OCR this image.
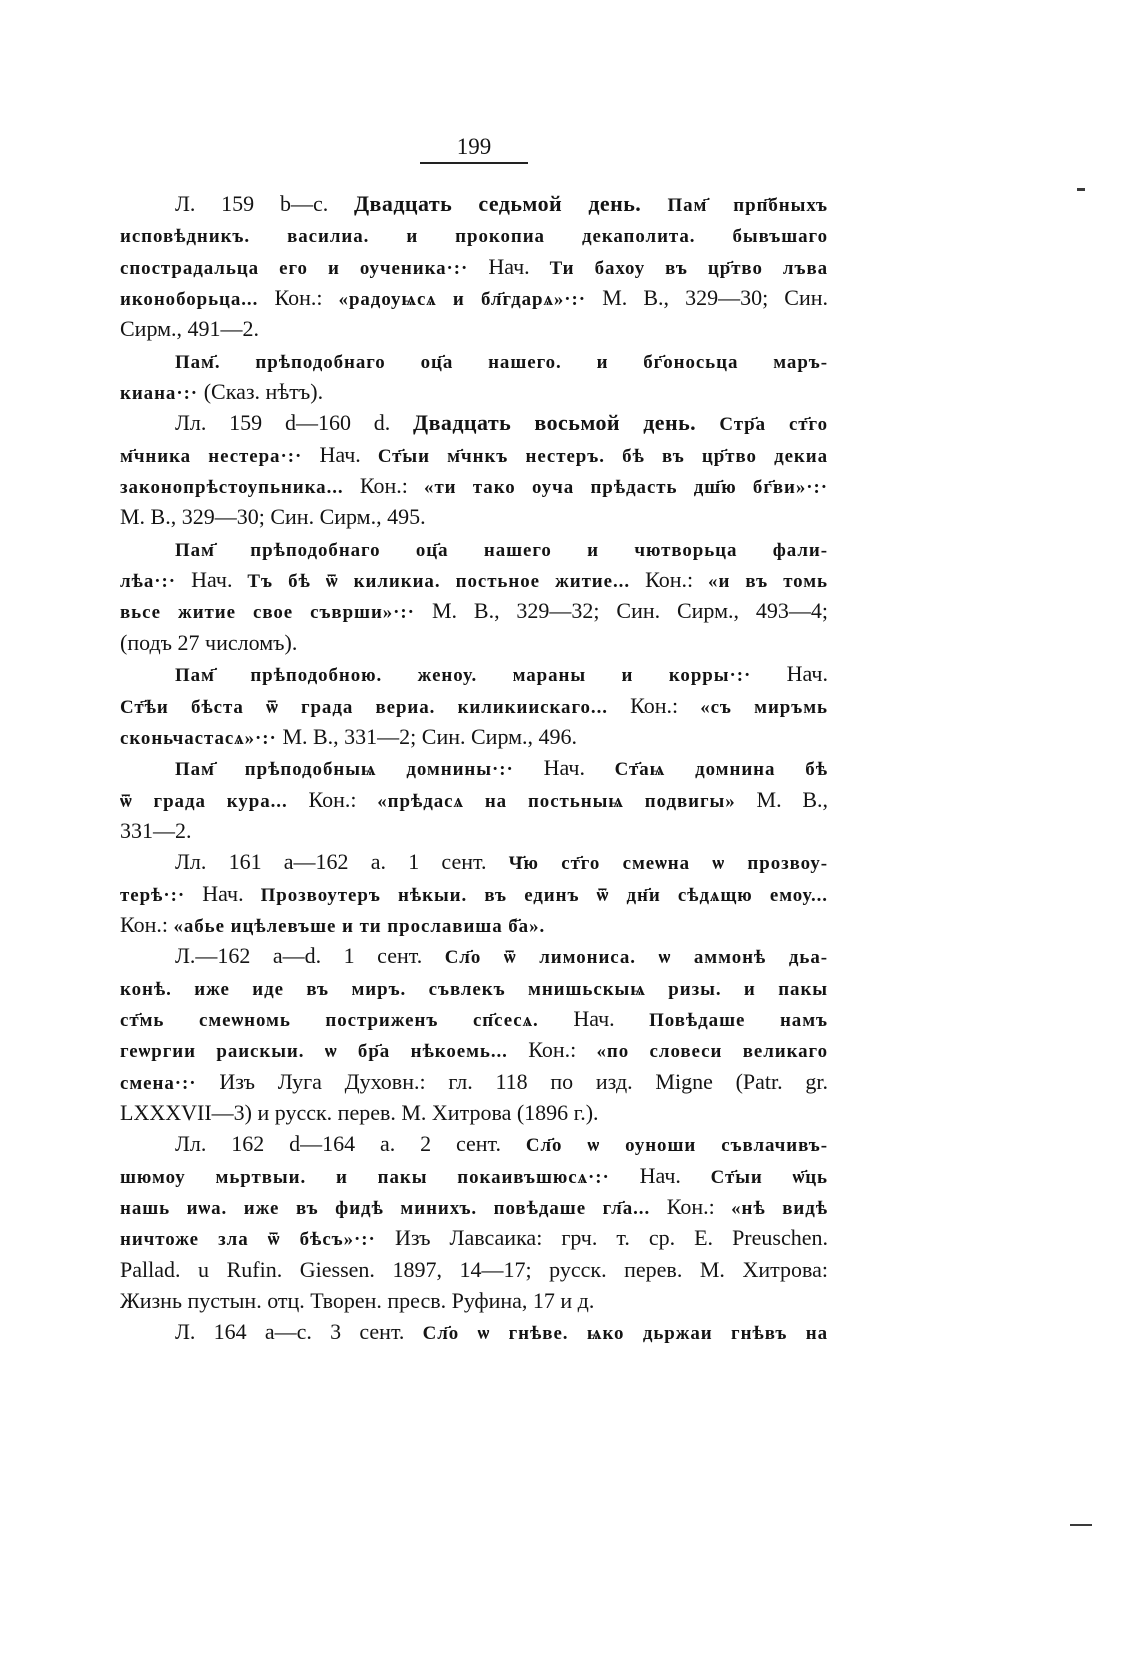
199
Л. 159 b—c. Двадцать седьмой день. Пам҃ прп҃бныхъ
исповѣдникъ. василиа. и прокопиа декаполита. бывъшаго
спострадальца его и оученика·:· Нач. Ти бахоу въ цр҃тво лъва
иконоборьца... Кон.: «радоуѩсѧ и бл҃гдарѧ»·:· М. В., 329—30; Син.
Сирм., 491—2.
Пам҃. прѣподобнаго оц҃а нашего. и бг҃оносьца маръ-
киана·:· (Сказ. нѣтъ).
Лл. 159 d—160 d. Двадцать восьмой день. Стр҃а ст҃го
м҃чника нестера·:· Нач. Ст҃ыи м҃чнкъ нестеръ. бѣ въ цр҃тво декиа
законопрѣстоупьника... Кон.: «ти тако оуча прѣдасть дш҃ю бг҃ви»·:·
М. В., 329—30; Син. Сирм., 495.
Пам҃ прѣподобнаго оц҃а нашего и чютворьца фали-
лѣа·:· Нач. Тъ бѣ ѿ киликиа. постьное житие... Кон.: «и въ томь
вьсе житие свое съврши»·:· М. В., 329—32; Син. Сирм., 493—4;
(подъ 27 числомъ).
Пам҃ прѣподобною. женоу. мараны и корры·:· Нач.
Ст҃ѣи бѣста ѿ града вериа. киликиискаго... Кон.: «съ миръмь
сконьчастасѧ»·:· М. В., 331—2; Син. Сирм., 496.
Пам҃ прѣподобныѩ домнины·:· Нач. Ст҃аѩ домнина бѣ
ѿ града кура... Кон.: «прѣдасѧ на постьныѩ подвигы» М. В.,
331—2.
Лл. 161 а—162 а. 1 сент. Ч҃ю ст҃го смеѡна ѡ прозвоу-
терѣ·:· Нач. Прозвоутеръ нѣкыи. въ единъ ѿ дн҃и сѣдѧщю емоу...
Кон.: «абье ицѣлевъше и ти прославиша б҃а».
Л.—162 а—d. 1 сент. Сл҃о ѿ лимониса. ѡ аммонѣ дьа-
конѣ. иже иде въ миръ. съвлекъ мнишьскыѩ ризы. и пакы
ст҃мь смеѡномь постриженъ сп҃сесѧ. Нач. Повѣдаше намъ
геѡргии раискыи. ѡ бр҃а нѣкоемь... Кон.: «по словеси великаго
смена·:· Изъ Луга Духовн.: гл. 118 по изд. Migne (Patr. gr.
LXXXVII—3) и русск. перев. М. Хитрова (1896 г.).
Лл. 162 d—164 а. 2 сент. Сл҃о ѡ оуноши съвлачивъ-
шюмоу мьртвыи. и пакы покаивъшюсѧ·:· Нач. Ст҃ыи ѡ҃ць
нашь иѡа. иже въ фидѣ минихъ. повѣдаше гл҃а... Кон.: «нѣ видѣ
ничтоже зла ѿ бѣсъ»·:· Изъ Лавсаика: грч. т. ср. E. Preuschen.
Pallad. u Rufin. Giessen. 1897, 14—17; русск. перев. М. Хитрова:
Жизнь пустын. отц. Творен. пресв. Руфина, 17 и д.
Л. 164 а—с. 3 сент. Сл҃о ѡ гнѣве. ѩко дьржаи гнѣвъ на
